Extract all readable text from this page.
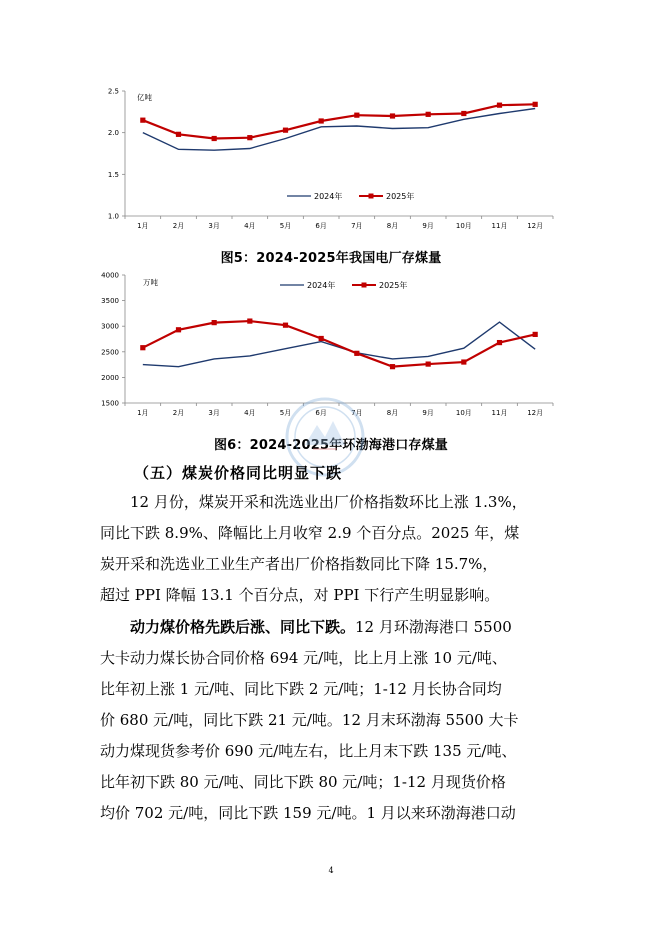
1.0
1.5
2.0
2.5
1月	2月	3月	4月	5月	6月	7月	8月	9月	10月	11月	12月
亿吨
2024年	2025年
图5：2024-2025年我国电厂存煤量
1500
2000
2500
3000
3500
4000
1月	2月	3月	4月	5月	6月	7月	8月	9月	10月	11月	12月
万吨	2024年	2025年
图6：2024-2025年环渤海港口存煤量
（五）煤炭价格同比明显下跌
12 月份，煤炭开采和洗选业出厂价格指数环比上涨 1.3%，
同比下跌 8.9%、降幅比上月收窄 2.9 个百分点。2025 年，煤
炭开采和洗选业工业生产者出厂价格指数同比下降 15.7%，
超过 PPI 降幅 13.1 个百分点，对 PPI 下行产生明显影响。
动力煤价格先跌后涨、同比下跌。12 月环渤海港口 5500
大卡动力煤长协合同价格 694 元/吨，比上月上涨 10 元/吨、
比年初上涨 1 元/吨、同比下跌 2 元/吨；1-12 月长协合同均
价 680 元/吨，同比下跌 21 元/吨。12 月末环渤海 5500 大卡
动力煤现货参考价 690 元/吨左右，比上月末下跌 135 元/吨、
比年初下跌 80 元/吨、同比下跌 80 元/吨；1-12 月现货价格
均价 702 元/吨，同比下跌 159 元/吨。1 月以来环渤海港口动
4
